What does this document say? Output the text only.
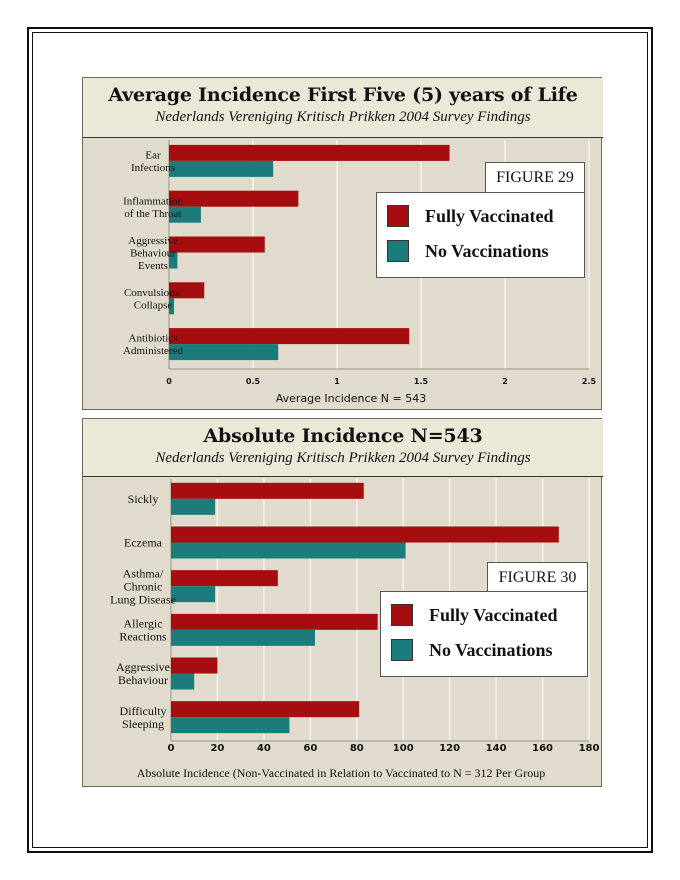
Average Incidence First Five (5) years of Life
Nederlands Vereniging Kritisch Prikken 2004 Survey Findings
Ear Infections
Inflammation of the Throat
Aggressive Behaviour Events
Convulsions/ Collapse
Antibiotics Administered
0	0.5	1	1.5	2	2.5
Average Incidence N = 543
FIGURE 29
Fully Vaccinated
No Vaccinations
Absolute Incidence N=543
Nederlands Vereniging Kritisch Prikken 2004 Survey Findings
Sickly
Eczema
Asthma/ Chronic Lung Disease
Allergic Reactions
Aggressive Behaviour
Difficulty Sleeping
0	20	40	60	80	100	120	140	160	180
Absolute Incidence (Non-Vaccinated in Relation to Vaccinated to N = 312 Per Group
FIGURE 30
Fully Vaccinated
No Vaccinations
